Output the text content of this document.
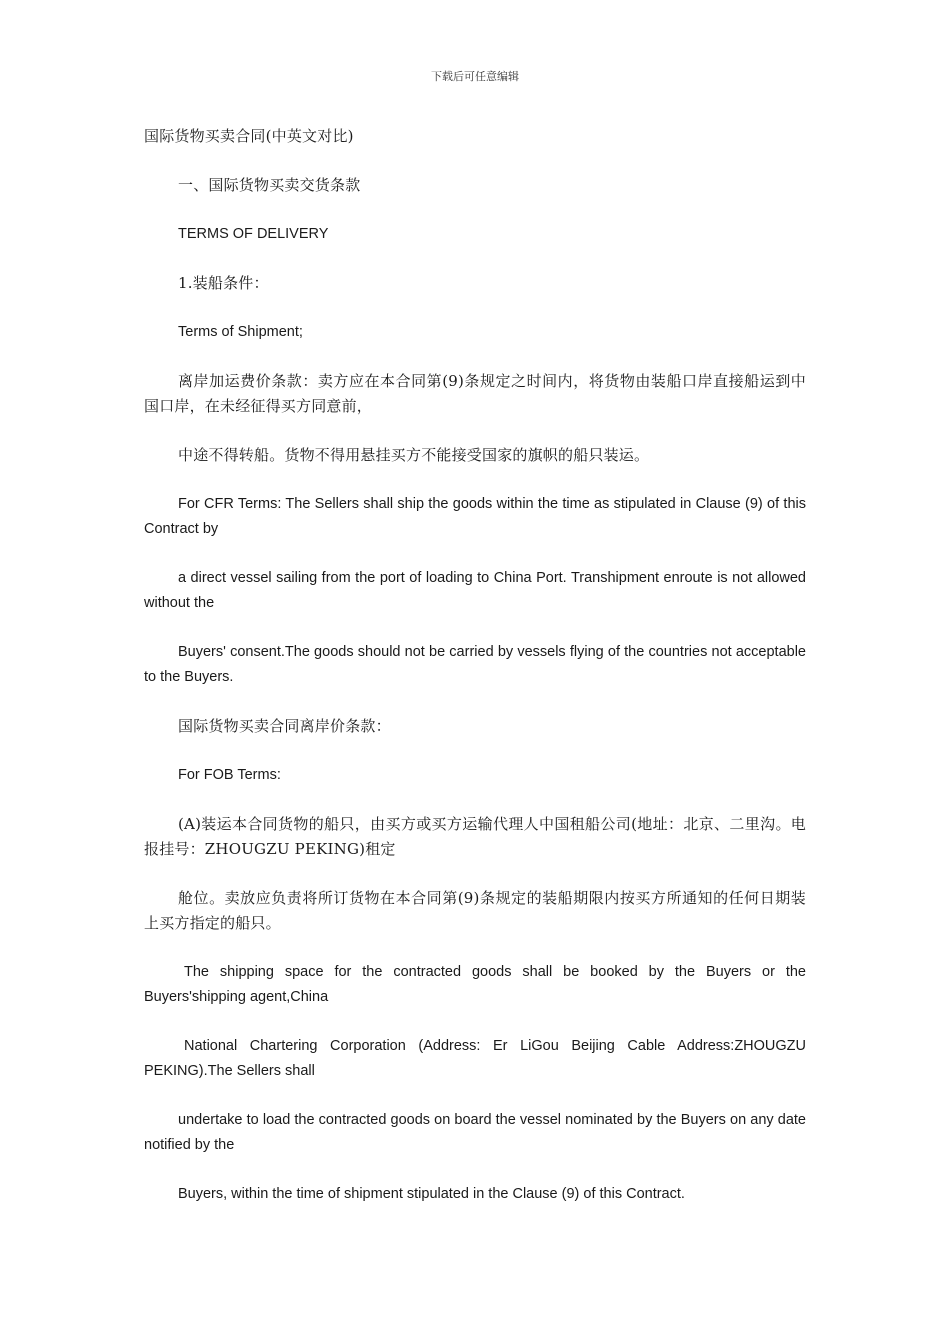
下载后可任意编辑

国际货物买卖合同(中英文对比)

一、国际货物买卖交货条款

TERMS OF DELIVERY

1.装船条件：

Terms of Shipment;

离岸加运费价条款：卖方应在本合同第(9)条规定之时间内，将货物由装船口岸直接船运到中国口岸，在未经征得买方同意前，

中途不得转船。货物不得用悬挂买方不能接受国家的旗帜的船只装运。

For CFR Terms: The Sellers shall ship the goods within the time as stipulated in Clause (9) of this Contract by

a direct vessel sailing from the port of loading to China Port. Transhipment enroute is not allowed without the

Buyers' consent.The goods should not be carried by vessels flying of the countries not acceptable to the Buyers.

国际货物买卖合同离岸价条款：

For FOB Terms:

(A)装运本合同货物的船只，由买方或买方运输代理人中国租船公司(地址：北京、二里沟。电报挂号：ZHOUGZU PEKING)租定

舱位。卖放应负责将所订货物在本合同第(9)条规定的装船期限内按买方所通知的任何日期装上买方指定的船只。

The shipping space for the contracted goods shall be booked by the Buyers or the Buyers'shipping agent,China

National Chartering Corporation (Address: Er LiGou Beijing Cable Address:ZHOUGZU PEKING).The Sellers shall

undertake to load the contracted goods on board the vessel nominated by the Buyers on any date notified by the

Buyers, within the time of shipment stipulated in the Clause (9) of this Contract.
